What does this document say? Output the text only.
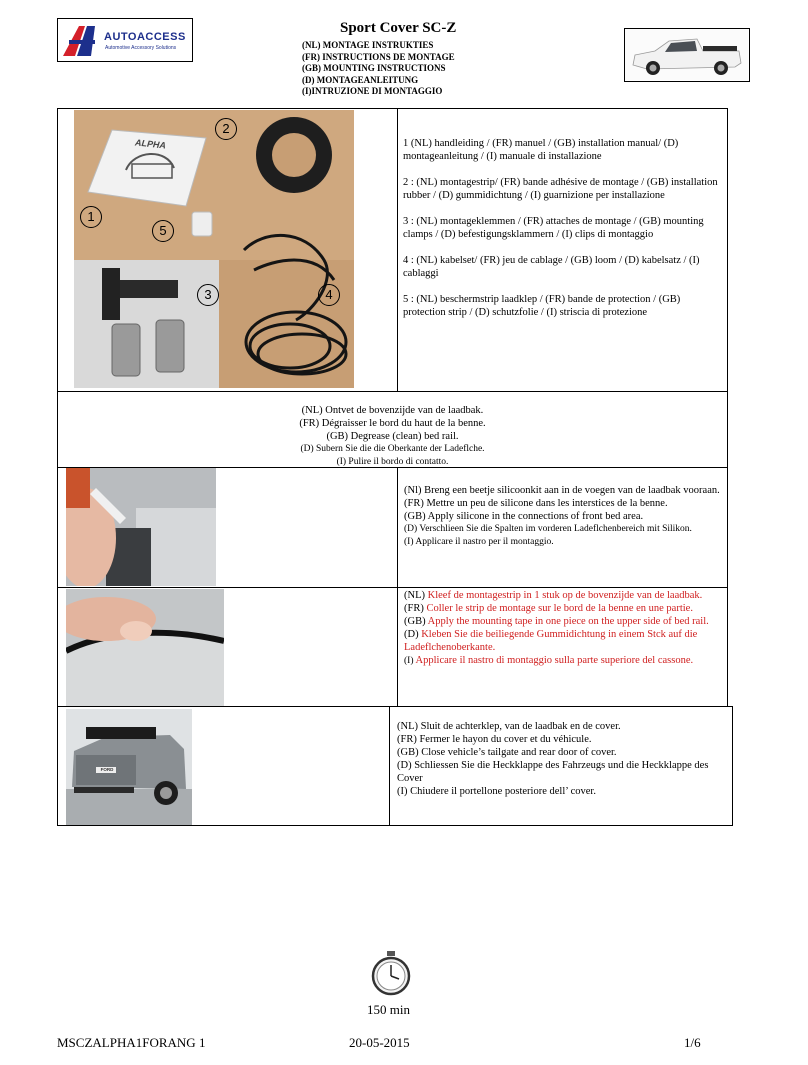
AUTOACCESS
Automotive Accessory Solutions
Sport Cover SC-Z
(NL) MONTAGE INSTRUKTIES
(FR) INSTRUCTIONS DE MONTAGE
(GB) MOUNTING INSTRUCTIONS
(D) MONTAGEANLEITUNG
(I)INTRUZIONE DI MONTAGGIO
2
1
5
3	4
ALPHA	1 (NL) handleiding / (FR) manuel / (GB) installation manual/ (D) montageanleitung / (I) manuale di installazione

2 : (NL) montagestrip/ (FR) bande adhésive de montage / (GB) installation rubber / (D) gummidichtung / (I) guarnizione per installazione

3 : (NL) montageklemmen / (FR) attaches de montage / (GB) mounting clamps / (D) befestigungsklammern / (I) clips di montaggio

4 : (NL) kabelset/ (FR) jeu de cablage / (GB) loom / (D) kabelsatz / (I) cablaggi

5 : (NL) beschermstrip laadklep / (FR) bande de protection / (GB) protection strip / (D) schutzfolie / (I) striscia di protezione

(NL) Ontvet de bovenzijde van de laadbak.

(FR) Dégraisser le bord du haut de la benne.

(GB) Degrease (clean) bed rail.

(D) Subern Sie die die Oberkante der Ladeflche.

(I) Pulire il bordo di contatto.

(Nl) Breng een beetje silicoonkit aan in de voegen van de laadbak vooraan.

(FR) Mettre un peu de silicone dans les interstices de la benne.

(GB) Apply silicone in the connections of front bed area.

(D) Verschlieen Sie die Spalten im vorderen Ladeflchenbereich mit Silikon.

(I) Applicare il nastro per il montaggio.

(NL) Kleef de montagestrip in 1 stuk op de bovenzijde van de laadbak.

(FR) Coller le strip de montage sur le bord de la benne en une partie.

(GB) Apply the mounting tape in one piece on the upper side of bed rail.

(D) Kleben Sie die beiliegende Gummidichtung in einem Stck auf die Ladeflchenoberkante.

(I) Applicare il nastro di montaggio sulla parte superiore del cassone.

FORD

(NL) Sluit de achterklep, van de laadbak en de cover.

(FR) Fermer le hayon du cover et du véhicule.

(GB) Close vehicle’s tailgate and rear door of cover.

(D) Schliessen Sie die Heckklappe des Fahrzeugs und die Heckklappe des Cover

(I) Chiudere il portellone posteriore dell’ cover.

150 min
MSCZALPHA1FORANG 1	20-05-2015	1/6
